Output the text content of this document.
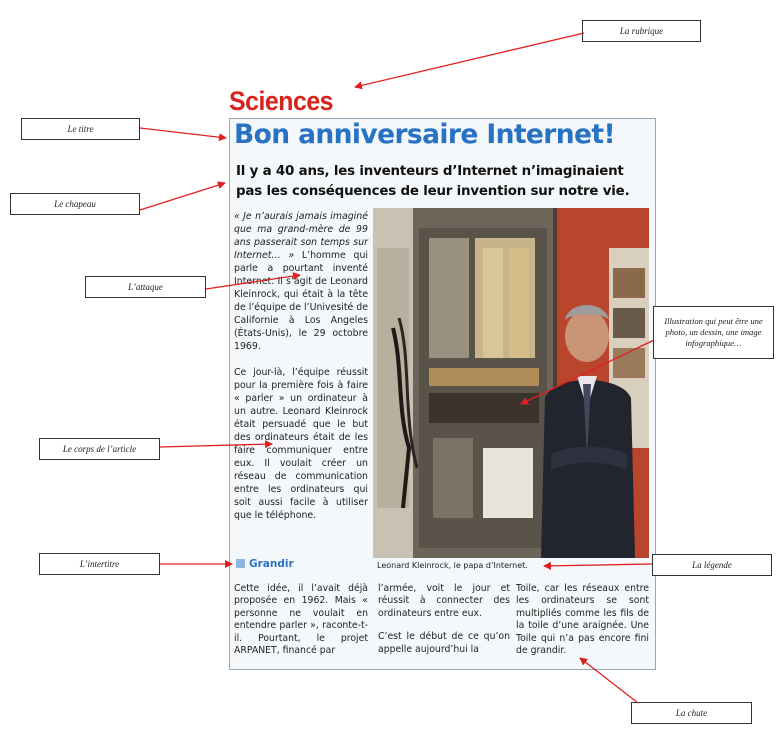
Sciences
Bon anniversaire Internet!
Il y a 40 ans, les inventeurs d’Internet n’imaginaient pas les conséquences de leur invention sur notre vie.

« Je n’aurais jamais imaginé que ma grand-mère de 99 ans passerait son temps sur Internet… » L’homme qui parle a pourtant inventé Internet. Il s’agit de Leonard Kleinrock, qui était à la tête de l’équipe de l’Univesité de Californie à Los Angeles (États-Unis), le 29 octobre 1969.

Ce jour-là, l’équipe réussit pour la première fois à faire « parler » un ordinateur à un autre. Leonard Kleinrock était persuadé que le but des ordinateurs était de les faire communiquer entre eux. Il voulait créer un réseau de communication entre les ordinateurs qui soit aussi facile à utiliser que le téléphone.

Grandir

Cette idée, il l’avait déjà proposée en 1962. Mais « personne ne voulait en entendre parler », raconte-t-il. Pourtant, le projet ARPANET, financé par

l’armée, voit le jour et réussit à connecter des ordinateurs entre eux.

C’est le début de ce qu’on appelle aujourd’hui la

Toile, car les réseaux entre les ordinateurs se sont multipliés comme les fils de la toile d’une araignée. Une Toile qui n’a pas encore fini de grandir.

Leonard Kleinrock, le papa d’Internet.
La rubrique
Le titre
Le chapeau
L’attaque
Illustration qui peut être une photo, un dessin, une image infographique…
Le corps de l’article
L’intertitre	La légende
La chute
